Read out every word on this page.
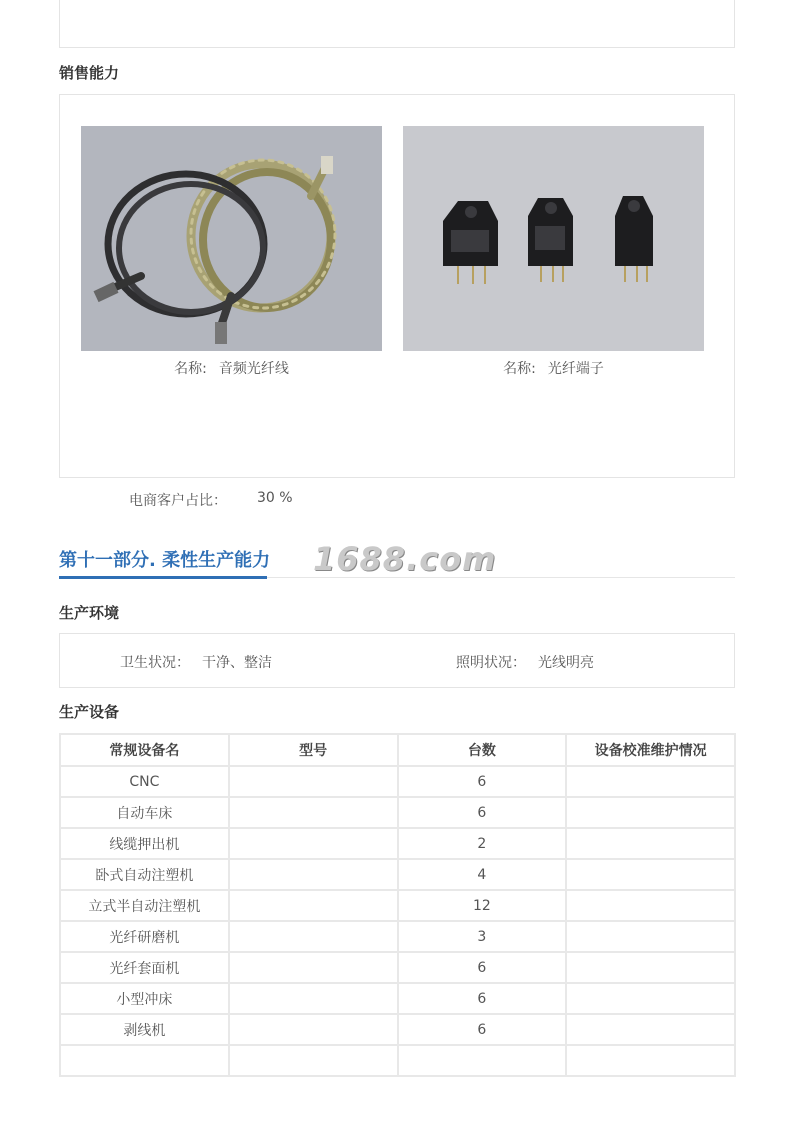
销售能力
名称: 音频光纤线	名称: 光纤端子
电商客户占比： 30 %
第十一部分. 柔性生产能力 1688.com
生产环境
卫生状况： 干净、整洁	照明状况： 光线明亮
生产设备
常规设备名	型号	台数	设备校准维护情况
CNC		6	
自动车床		6	
线缆押出机		2	
卧式自动注塑机		4	
立式半自动注塑机		12	
光纤研磨机		3	
光纤套面机		6	
小型冲床		6	
剥线机		6	
